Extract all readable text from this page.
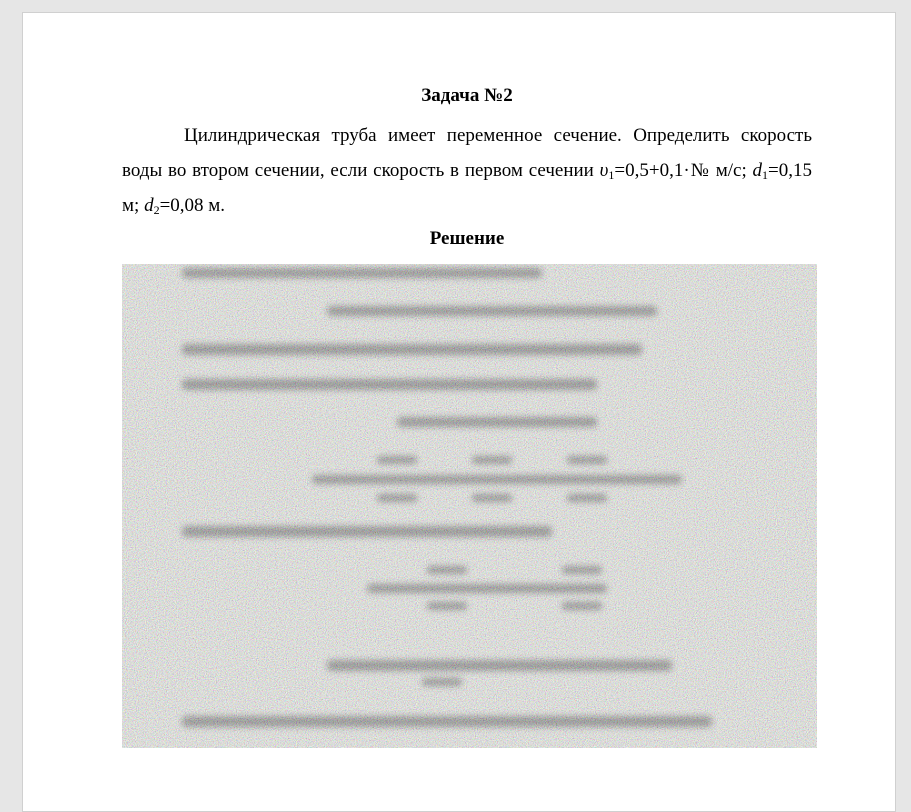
Задача №2

Цилиндрическая труба имеет переменное сечение. Определить скорость воды во втором сечении, если скорость в первом сечении $\upsilon_1=0,5+0,1\cdot№$ м/с; $d_1=0,15$ м; $d_2=0,08$ м.

Решение
